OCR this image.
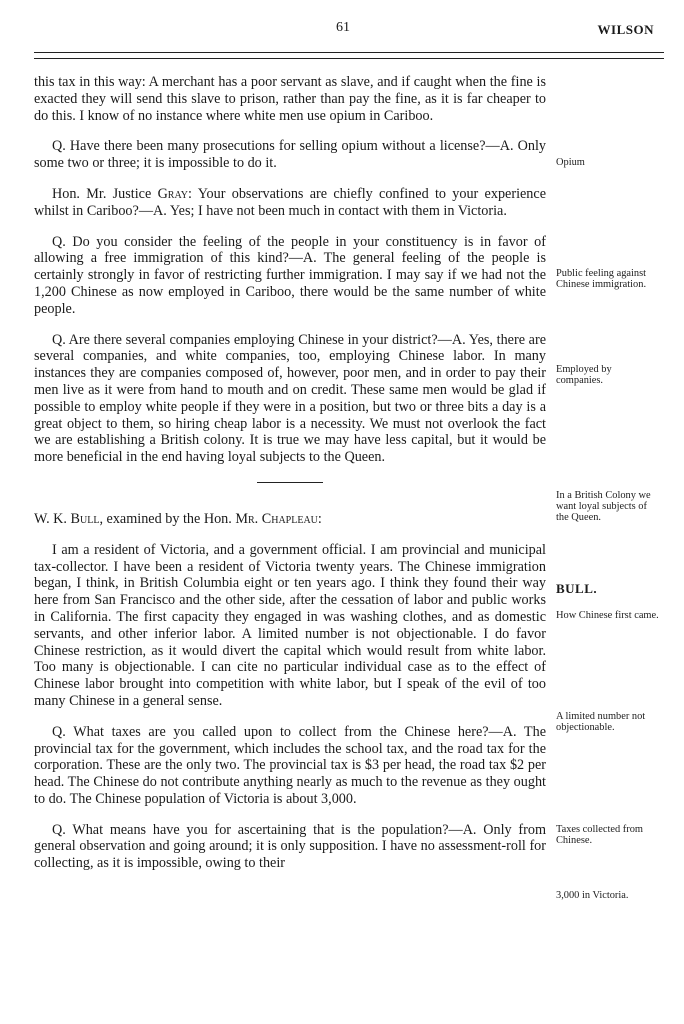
61	WILSON

this tax in this way: A merchant has a poor servant as slave, and if caught when the fine is exacted they will send this slave to prison, rather than pay the fine, as it is far cheaper to do this. I know of no instance where white men use opium in Cariboo.

Q. Have there been many prosecutions for selling opium without a license?—A. Only some two or three; it is impossible to do it.

Hon. Mr. Justice Gray: Your observations are chiefly confined to your experience whilst in Cariboo?—A. Yes; I have not been much in contact with them in Victoria.

Q. Do you consider the feeling of the people in your constituency is in favor of allowing a free immigration of this kind?—A. The general feeling of the people is certainly strongly in favor of restricting further immigration. I may say if we had not the 1,200 Chinese as now employed in Cariboo, there would be the same number of white people.

Q. Are there several companies employing Chinese in your district?—A. Yes, there are several companies, and white companies, too, employing Chinese labor. In many instances they are companies composed of, however, poor men, and in order to pay their men live as it were from hand to mouth and on credit. These same men would be glad if possible to employ white people if they were in a position, but two or three bits a day is a great object to them, so hiring cheap labor is a necessity. We must not overlook the fact we are establishing a British colony. It is true we may have less capital, but it would be more beneficial in the end having loyal subjects to the Queen.

W. K. Bull, examined by the Hon. Mr. Chapleau:

I am a resident of Victoria, and a government official. I am provincial and municipal tax-collector. I have been a resident of Victoria twenty years. The Chinese immigration began, I think, in British Columbia eight or ten years ago. I think they found their way here from San Francisco and the other side, after the cessation of labor and public works in California. The first capacity they engaged in was washing clothes, and as domestic servants, and other inferior labor. A limited number is not objectionable. I do favor Chinese restriction, as it would divert the capital which would result from white labor. Too many is objectionable. I can cite no particular individual case as to the effect of Chinese labor brought into competition with white labor, but I speak of the evil of too many Chinese in a general sense.

Q. What taxes are you called upon to collect from the Chinese here?—A. The provincial tax for the government, which includes the school tax, and the road tax for the corporation. These are the only two. The provincial tax is $3 per head, the road tax $2 per head. The Chinese do not contribute anything nearly as much to the revenue as they ought to do. The Chinese population of Victoria is about 3,000.

Q. What means have you for ascertaining that is the population?—A. Only from general observation and going around; it is only supposition. I have no assessment-roll for collecting, as it is impossible, owing to their

Opium
Public feeling against Chinese immigration.
Employed by companies.
In a British Colony we want loyal subjects of the Queen.
BULL.
How Chinese first came.
A limited number not objectionable.
Taxes collected from Chinese.
3,000 in Victoria.
